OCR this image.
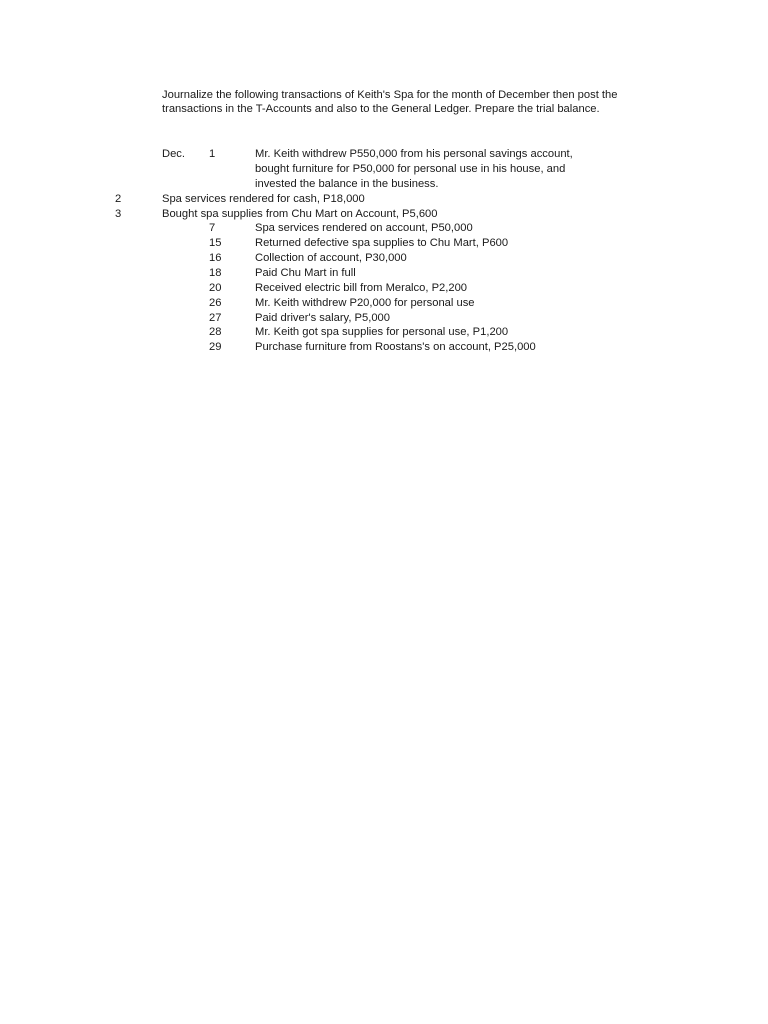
Journalize the following transactions of Keith's Spa for the month of December then post the
transactions in the T-Accounts and also to the General Ledger. Prepare the trial balance.
Dec. 1	Mr. Keith withdrew P550,000 from his personal savings account,
bought furniture for P50,000 for personal use in his house, and
invested the balance in the business.
2	Spa services rendered for cash, P18,000
3	Bought spa supplies from Chu Mart on Account, P5,600
7	Spa services rendered on account, P50,000
15	Returned defective spa supplies to Chu Mart, P600
16	Collection of account, P30,000
18	Paid Chu Mart in full
20	Received electric bill from Meralco, P2,200
26	Mr. Keith withdrew P20,000 for personal use
27	Paid driver's salary, P5,000
28	Mr. Keith got spa supplies for personal use, P1,200
29	Purchase furniture from Roostans's on account, P25,000
